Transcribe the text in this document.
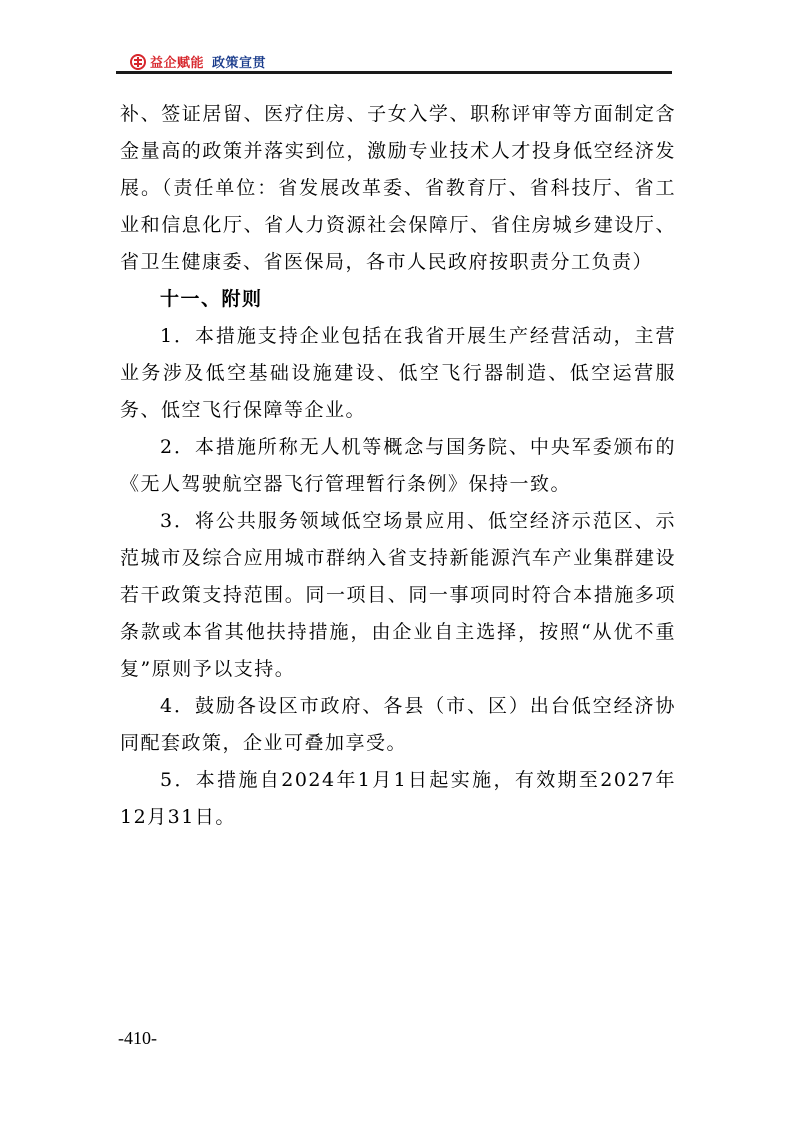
益企赋能 政策宣贯

补、签证居留、医疗住房、子女入学、职称评审等方面制定含金量高的政策并落实到位，激励专业技术人才投身低空经济发展。（责任单位：省发展改革委、省教育厅、省科技厅、省工业和信息化厅、省人力资源社会保障厅、省住房城乡建设厅、省卫生健康委、省医保局，各市人民政府按职责分工负责）

十一、附则

1．本措施支持企业包括在我省开展生产经营活动，主营业务涉及低空基础设施建设、低空飞行器制造、低空运营服务、低空飞行保障等企业。

2．本措施所称无人机等概念与国务院、中央军委颁布的《无人驾驶航空器飞行管理暂行条例》保持一致。

3．将公共服务领域低空场景应用、低空经济示范区、示范城市及综合应用城市群纳入省支持新能源汽车产业集群建设若干政策支持范围。同一项目、同一事项同时符合本措施多项条款或本省其他扶持措施，由企业自主选择，按照“从优不重复”原则予以支持。

4．鼓励各设区市政府、各县（市、区）出台低空经济协同配套政策，企业可叠加享受。

5．本措施自2024年1月1日起实施，有效期至2027年12月31日。

-410-
